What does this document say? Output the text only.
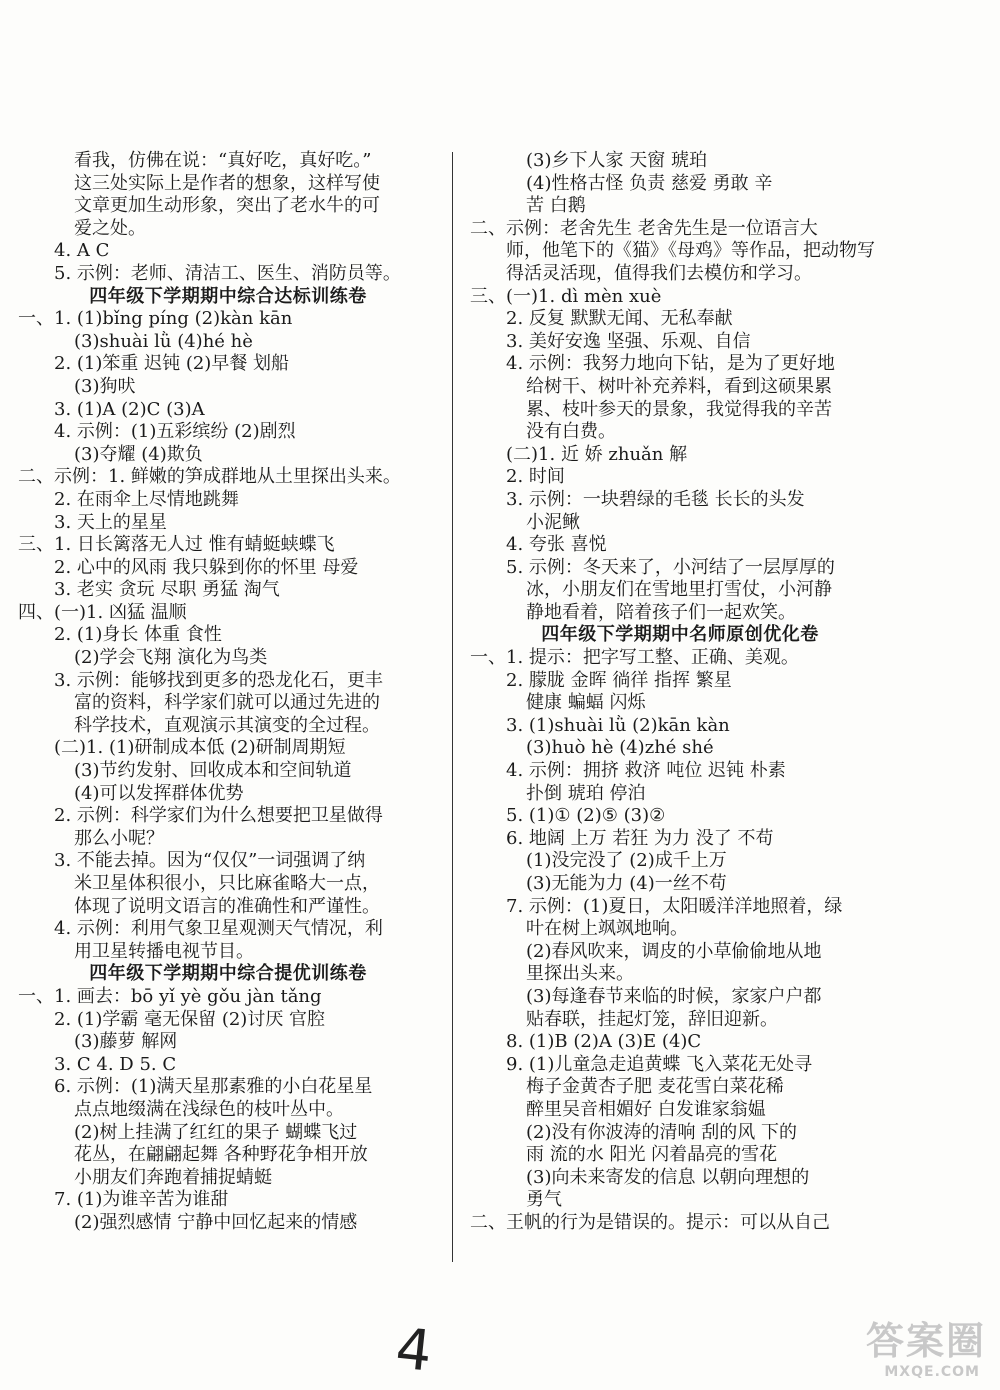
看我，仿佛在说：“真好吃，真好吃。”
这三处实际上是作者的想象，这样写使
文章更加生动形象，突出了老水牛的可
爱之处。
4. A C
5. 示例：老师、清洁工、医生、消防员等。
四年级下学期期中综合达标训练卷
一、1. (1)bǐng píng (2)kàn kān
(3)shuài lǜ (4)hé hè
2. (1)笨重 迟钝 (2)早餐 划船
(3)狗吠
3. (1)A (2)C (3)A
4. 示例：(1)五彩缤纷 (2)剧烈
(3)夺耀 (4)欺负
二、示例：1. 鲜嫩的笋成群地从土里探出头来。
2. 在雨伞上尽情地跳舞
3. 天上的星星
三、1. 日长篱落无人过 惟有蜻蜓蛱蝶飞
2. 心中的风雨 我只躲到你的怀里 母爱
3. 老实 贪玩 尽职 勇猛 淘气
四、(一)1. 凶猛 温顺
2. (1)身长 体重 食性
(2)学会飞翔 演化为鸟类
3. 示例：能够找到更多的恐龙化石，更丰
富的资料，科学家们就可以通过先进的
科学技术，直观演示其演变的全过程。
(二)1. (1)研制成本低 (2)研制周期短
(3)节约发射、回收成本和空间轨道
(4)可以发挥群体优势
2. 示例：科学家们为什么想要把卫星做得
那么小呢？
3. 不能去掉。因为“仅仅”一词强调了纳
米卫星体积很小，只比麻雀略大一点，
体现了说明文语言的准确性和严谨性。
4. 示例：利用气象卫星观测天气情况，利
用卫星转播电视节目。
四年级下学期期中综合提优训练卷
一、1. 画去：bō yǐ yè gǒu jàn tǎng
2. (1)学霸 毫无保留 (2)讨厌 官腔
(3)藤萝 解网
3. C 4. D 5. C
6. 示例：(1)满天星那素雅的小白花星星
点点地缀满在浅绿色的枝叶丛中。
(2)树上挂满了红红的果子 蝴蝶飞过
花丛，在翩翩起舞 各种野花争相开放
小朋友们奔跑着捕捉蜻蜓
7. (1)为谁辛苦为谁甜
(2)强烈感情 宁静中回忆起来的情感
(3)乡下人家 天窗 琥珀
(4)性格古怪 负责 慈爱 勇敢 辛
苦 白鹅
二、示例：老舍先生 老舍先生是一位语言大
师，他笔下的《猫》《母鸡》等作品，把动物写
得活灵活现，值得我们去模仿和学习。
三、(一)1. dì mèn xuè
2. 反复 默默无闻、无私奉献
3. 美好安逸 坚强、乐观、自信
4. 示例：我努力地向下钻，是为了更好地
给树干、树叶补充养料，看到这硕果累
累、枝叶参天的景象，我觉得我的辛苦
没有白费。
(二)1. 近 娇 zhuǎn 解
2. 时间
3. 示例：一块碧绿的毛毯 长长的头发
小泥鳅
4. 夸张 喜悦
5. 示例：冬天来了，小河结了一层厚厚的
冰，小朋友们在雪地里打雪仗，小河静
静地看着，陪着孩子们一起欢笑。
四年级下学期期中名师原创优化卷
一、1. 提示：把字写工整、正确、美观。
2. 朦胧 金晖 徜徉 指挥 繁星
健康 蝙蝠 闪烁
3. (1)shuài lǜ (2)kān kàn
(3)huò hè (4)zhé shé
4. 示例：拥挤 救济 吨位 迟钝 朴素
扑倒 琥珀 停泊
5. (1)① (2)⑤ (3)②
6. 地阔 上万 若狂 为力 没了 不苟
(1)没完没了 (2)成千上万
(3)无能为力 (4)一丝不苟
7. 示例：(1)夏日，太阳暖洋洋地照着，绿
叶在树上飒飒地响。
(2)春风吹来，调皮的小草偷偷地从地
里探出头来。
(3)每逢春节来临的时候，家家户户都
贴春联，挂起灯笼，辞旧迎新。
8. (1)B (2)A (3)E (4)C
9. (1)儿童急走追黄蝶 飞入菜花无处寻
梅子金黄杏子肥 麦花雪白菜花稀
醉里吴音相媚好 白发谁家翁媪
(2)没有你波涛的清响 刮的风 下的
雨 流的水 阳光 闪着晶亮的雪花
(3)向未来寄发的信息 以朝向理想的
勇气
二、王帆的行为是错误的。提示：可以从自己
4	答案圈
MXQE.COM
